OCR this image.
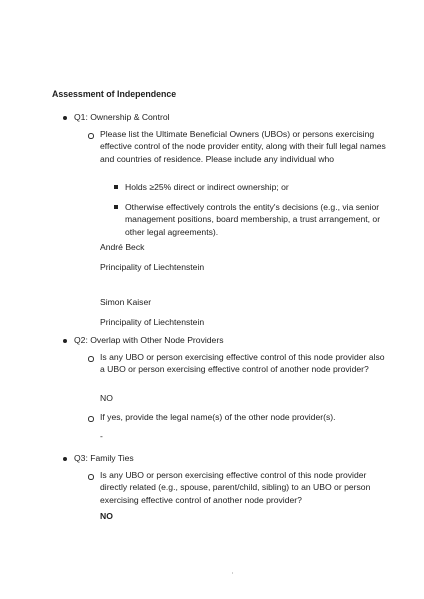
Assessment of Independence
Q1: Ownership & Control
Please list the Ultimate Beneficial Owners (UBOs) or persons exercising effective control of the node provider entity, along with their full legal names and countries of residence. Please include any individual who
Holds ≥25% direct or indirect ownership; or
Otherwise effectively controls the entity's decisions (e.g., via senior management positions, board membership, a trust arrangement, or other legal agreements).
André Beck
Principality of Liechtenstein
Simon Kaiser
Principality of Liechtenstein
Q2: Overlap with Other Node Providers
Is any UBO or person exercising effective control of this node provider also a UBO or person exercising effective control of another node provider?
NO
If yes, provide the legal name(s) of the other node provider(s).
-
Q3: Family Ties
Is any UBO or person exercising effective control of this node provider directly related (e.g., spouse, parent/child, sibling) to an UBO or person exercising effective control of another node provider?
NO
